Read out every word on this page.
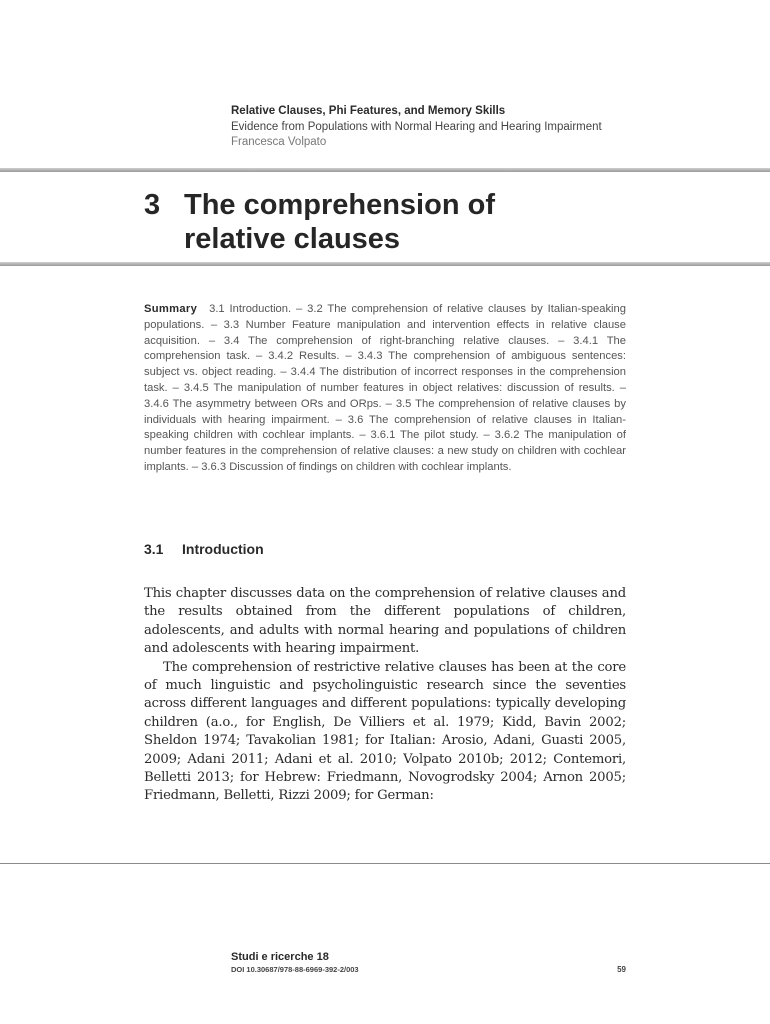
Relative Clauses, Phi Features, and Memory Skills
Evidence from Populations with Normal Hearing and Hearing Impairment
Francesca Volpato
3 The comprehension of relative clauses
Summary 3.1 Introduction. – 3.2 The comprehension of relative clauses by Italian-speaking populations. – 3.3 Number Feature manipulation and intervention effects in relative clause acquisition. – 3.4 The comprehension of right-branching relative clauses. – 3.4.1 The comprehension task. – 3.4.2 Results. – 3.4.3 The comprehension of ambiguous sentences: subject vs. object reading. – 3.4.4 The distribution of incorrect responses in the comprehension task. – 3.4.5 The manipulation of number features in object relatives: discussion of results. – 3.4.6 The asymmetry between ORs and ORps. – 3.5 The comprehension of relative clauses by individuals with hearing impairment. – 3.6 The comprehension of relative clauses in Italian-speaking children with cochlear implants. – 3.6.1 The pilot study. – 3.6.2 The manipulation of number features in the comprehension of relative clauses: a new study on children with cochlear implants. – 3.6.3 Discussion of findings on children with cochlear implants.
3.1 Introduction

This chapter discusses data on the comprehension of relative clauses and the results obtained from the different populations of children, adolescents, and adults with normal hearing and populations of children and adolescents with hearing impairment.

The comprehension of restrictive relative clauses has been at the core of much linguistic and psycholinguistic research since the seventies across different languages and different populations: typically developing children (a.o., for English, De Villiers et al. 1979; Kidd, Bavin 2002; Sheldon 1974; Tavakolian 1981; for Italian: Arosio, Adani, Guasti 2005, 2009; Adani 2011; Adani et al. 2010; Volpato 2010b; 2012; Contemori, Belletti 2013; for Hebrew: Friedmann, Novogrodsky 2004; Arnon 2005; Friedmann, Belletti, Rizzi 2009; for German:

Studi e ricerche 18
DOI 10.30687/978-88-6969-392-2/003	59
